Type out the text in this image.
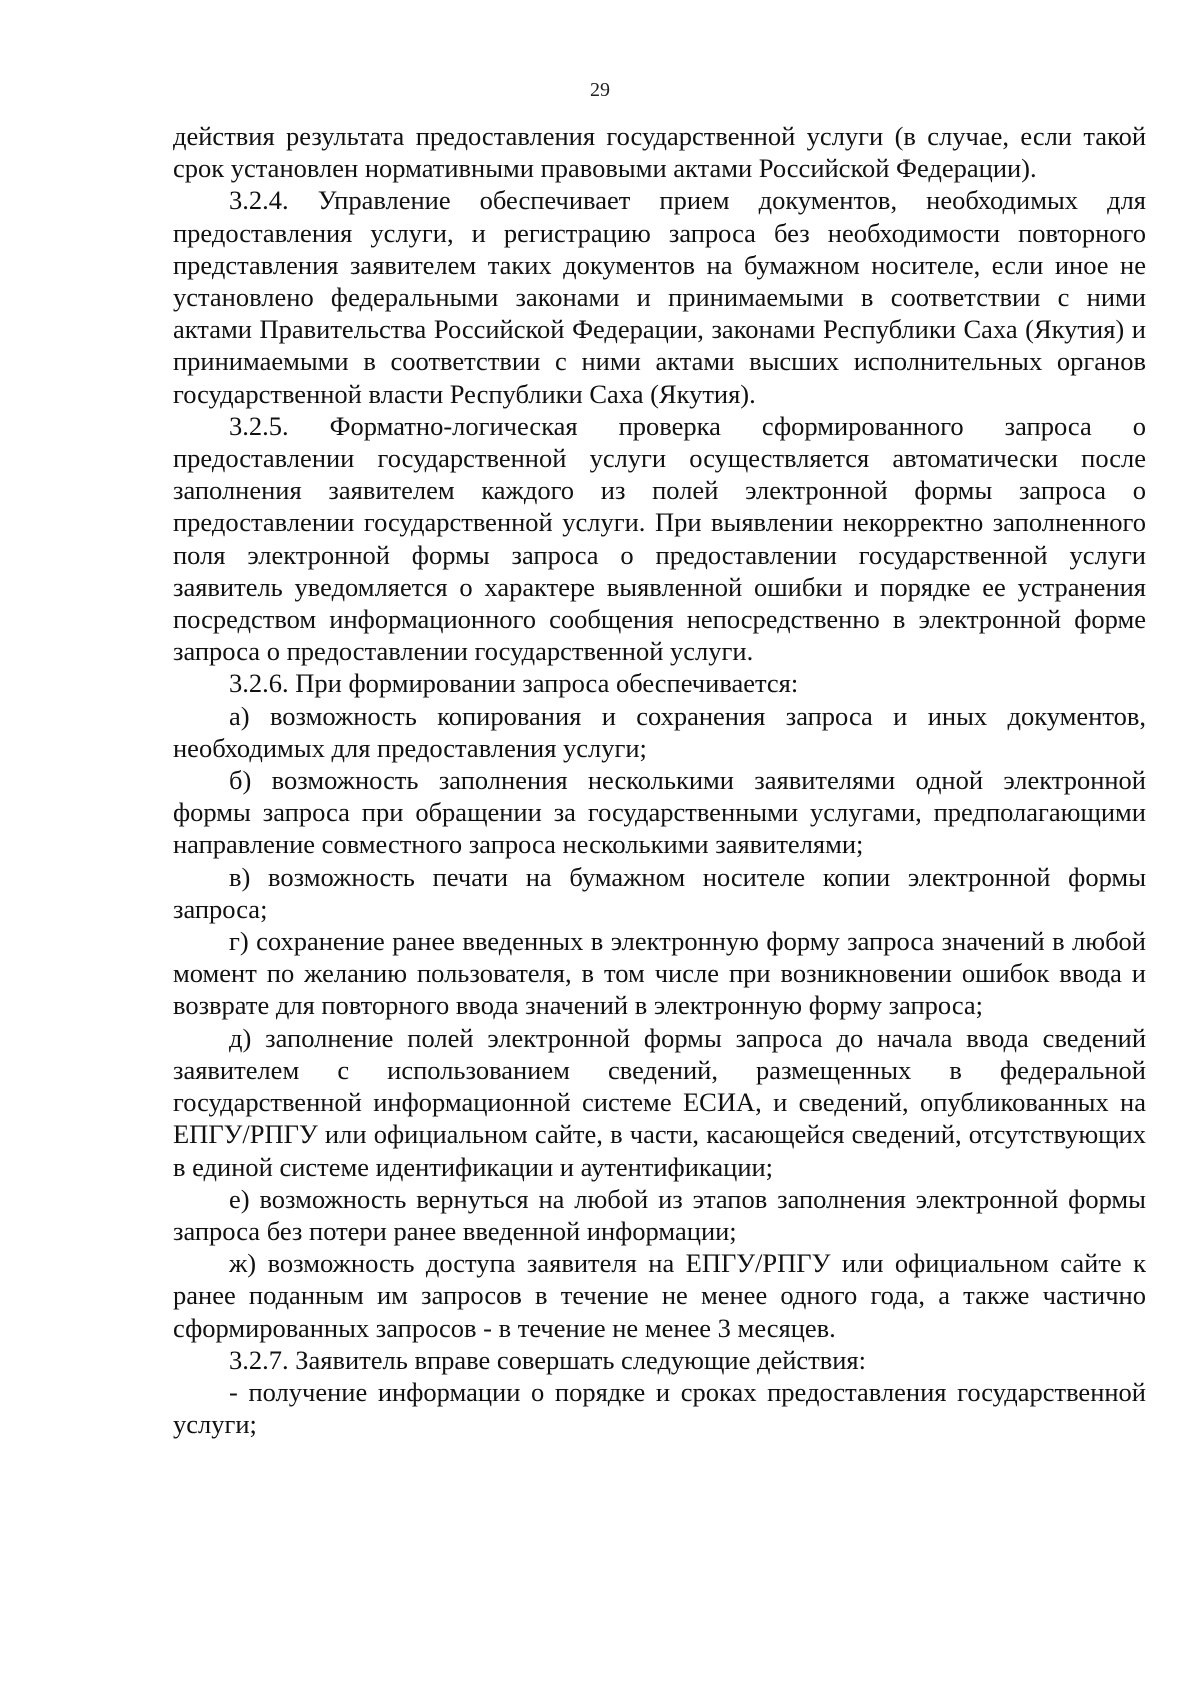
29

действия результата предоставления государственной услуги (в случае, если такой срок установлен нормативными правовыми актами Российской Федерации).

3.2.4. Управление обеспечивает прием документов, необходимых для предоставления услуги, и регистрацию запроса без необходимости повторного представления заявителем таких документов на бумажном носителе, если иное не установлено федеральными законами и принимаемыми в соответствии с ними актами Правительства Российской Федерации, законами Республики Саха (Якутия) и принимаемыми в соответствии с ними актами высших исполнительных органов государственной власти Республики Саха (Якутия).

3.2.5. Форматно-логическая проверка сформированного запроса о предоставлении государственной услуги осуществляется автоматически после заполнения заявителем каждого из полей электронной формы запроса о предоставлении государственной услуги. При выявлении некорректно заполненного поля электронной формы запроса о предоставлении государственной услуги заявитель уведомляется о характере выявленной ошибки и порядке ее устранения посредством информационного сообщения непосредственно в электронной форме запроса о предоставлении государственной услуги.

3.2.6. При формировании запроса обеспечивается:

а) возможность копирования и сохранения запроса и иных документов, необходимых для предоставления услуги;

б) возможность заполнения несколькими заявителями одной электронной формы запроса при обращении за государственными услугами, предполагающими направление совместного запроса несколькими заявителями;

в) возможность печати на бумажном носителе копии электронной формы запроса;

г) сохранение ранее введенных в электронную форму запроса значений в любой момент по желанию пользователя, в том числе при возникновении ошибок ввода и возврате для повторного ввода значений в электронную форму запроса;

д) заполнение полей электронной формы запроса до начала ввода сведений заявителем с использованием сведений, размещенных в федеральной государственной информационной системе ЕСИА, и сведений, опубликованных на ЕПГУ/РПГУ или официальном сайте, в части, касающейся сведений, отсутствующих в единой системе идентификации и аутентификации;

е) возможность вернуться на любой из этапов заполнения электронной формы запроса без потери ранее введенной информации;

ж) возможность доступа заявителя на ЕПГУ/РПГУ или официальном сайте к ранее поданным им запросов в течение не менее одного года, а также частично сформированных запросов - в течение не менее 3 месяцев.

3.2.7. Заявитель вправе совершать следующие действия:

- получение информации о порядке и сроках предоставления государственной услуги;
